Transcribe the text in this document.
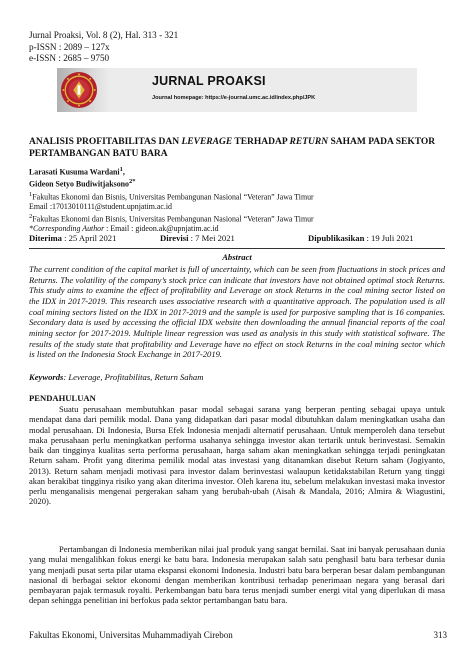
Jurnal Proaksi, Vol. 8 (2), Hal. 313 - 321
p-ISSN : 2089 – 127x
e-ISSN : 2685 – 9750
JURNAL PROAKSI
Journal homepage: https://e-journal.umc.ac.id/index.php/JPK
ANALISIS PROFITABILITAS DAN LEVERAGE TERHADAP RETURN SAHAM PADA SEKTOR PERTAMBANGAN BATU BARA
Larasati Kusuma Wardani$^1$,
Gideon Setyo Budiwitjaksono$^{2*}$
$^1$Fakultas Ekonomi dan Bisnis, Universitas Pembangunan Nasional “Veteran” Jawa Timur
Email :17013010111@student.upnjatim.ac.id
$^2$Fakultas Ekonomi dan Bisnis, Universitas Pembangunan Nasional “Veteran” Jawa Timur
*Corresponding Author : Email : gideon.ak@upnjatim.ac.id
Diterima : 25 April 2021	Direvisi : 7 Mei 2021	Dipublikasikan : 19 Juli 2021
Abstract
The current condition of the capital market is full of uncertainty, which can be seen from fluctuations in stock prices and Returns. The volatility of the company’s stock price can indicate that investors have not obtained optimal stock Returns. This study aims to examine the effect of profitability and Leverage on stock Returns in the coal mining sector listed on the IDX in 2017-2019. This research uses associative research with a quantitative approach. The population used is all coal mining sectors listed on the IDX in 2017-2019 and the sample is used for purposive sampling that is 16 companies. Secondary data is used by accessing the official IDX website then downloading the annual financial reports of the coal mining sector for 2017-2019. Multiple linear regression was used as analysis in this study with statistical software. The results of the study state that profitability and Leverage have no effect on stock Returns in the coal mining sector which is listed on the Indonesia Stock Exchange in 2017-2019.
Keywords: Leverage, Profitabilitas, Return Saham
PENDAHULUAN

Suatu perusahaan membutuhkan pasar modal sebagai sarana yang berperan penting sebagai upaya untuk mendapat dana dari pemilik modal. Dana yang didapatkan dari pasar modal dibutuhkan dalam meningkatkan usaha dan modal perusahaan. Di Indonesia, Bursa Efek Indonesia menjadi alternatif perusahaan. Untuk memperoleh dana tersebut maka perusahaan perlu meningkatkan performa usahanya sehingga investor akan tertarik untuk berinvestasi. Semakin baik dan tingginya kualitas serta performa perusahaan, harga saham akan meningkatkan sehingga terjadi peningkatan Return saham. Profit yang diterima pemilik modal atas investasi yang ditanamkan disebut Return saham (Jogiyanto, 2013). Return saham menjadi motivasi para investor dalam berinvestasi walaupun ketidakstabilan Return yang tinggi akan berakibat tingginya risiko yang akan diterima investor. Oleh karena itu, sebelum melakukan investasi maka investor perlu menganalisis mengenai pergerakan saham yang berubah-ubah (Aisah & Mandala, 2016; Almira & Wiagustini, 2020).

Pertambangan di Indonesia memberikan nilai jual produk yang sangat bernilai. Saat ini banyak perusahaan dunia yang mulai mengalihkan fokus energi ke batu bara. Indonesia merupakan salah satu penghasil batu bara terbesar dunia yang menjadi pusat serta pilar utama ekspansi ekonomi Indonesia. Industri batu bara berperan besar dalam pembangunan nasional di berbagai sektor ekonomi dengan memberikan kontribusi terhadap penerimaan negara yang berasal dari pembayaran pajak termasuk royalti. Perkembangan batu bara terus menjadi sumber energi vital yang diperlukan di masa depan sehingga penelitian ini berfokus pada sektor pertambangan batu bara.

Fakultas Ekonomi, Universitas Muhammadiyah Cirebon	313
